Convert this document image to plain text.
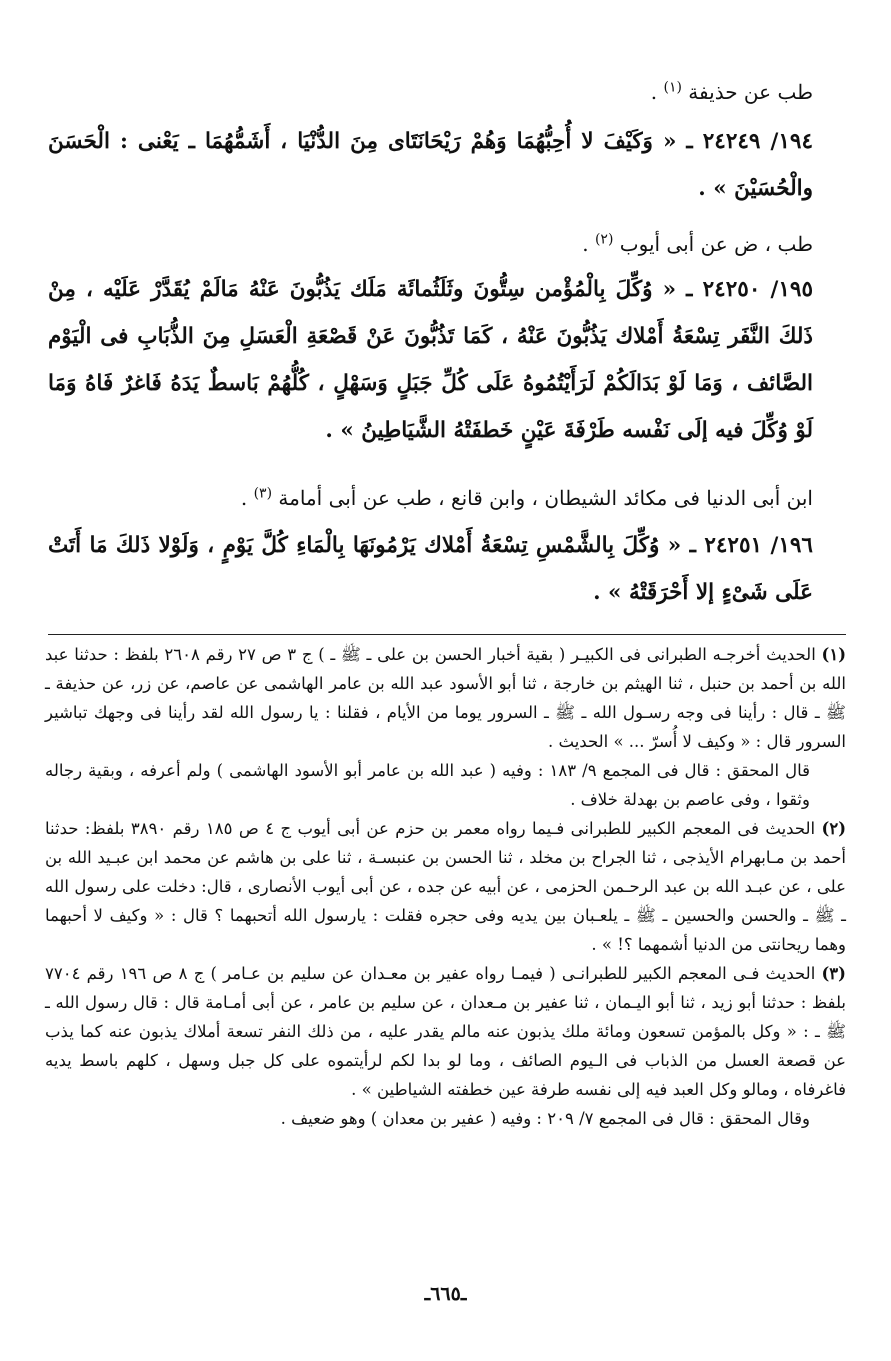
طب عن حذيفة $^{(١)}$ .

١٩٤/ ٢٤٢٤٩ ـ « وَكَيْفَ لا أُحِبُّهُمَا وَهُمْ رَيْحَانَتَاى مِنَ الدُّنْيَا ، أَشَمُّهُمَا ـ يَعْنى : الْحَسَنَ والْحُسَيْنَ » .

طب ، ض عن أبى أيوب $^{(٢)}$ .

١٩٥/ ٢٤٢٥٠ ـ « وُكِّلَ بِالْمُؤْمن سِتُّونَ وثَلَثُمائَة مَلَك يَذُبُّونَ عَنْهُ مَالَمْ يُقَدَّرْ عَلَيْه ، مِنْ ذَلكَ النَّفَر تِسْعَةُ أَمْلاك يَذُبُّونَ عَنْهُ ، كَمَا تَذُبُّونَ عَنْ قَصْعَةِ الْعَسَلِ مِنَ الذُّبَابِ فى الْيَوْم الصَّائف ، وَمَا لَوْ بَدَالَكُمْ لَرَأَيْتُمُوهُ عَلَى كُلِّ جَبَلٍ وَسَهْلٍ ، كُلُّهُمْ بَاسطٌ يَدَهُ فَاغرٌ فَاهُ وَمَا لَوْ وُكِّلَ فيه إلَى نَفْسه طَرْفَةَ عَيْنٍ خَطفَتْهُ الشَّيَاطِينُ » .

ابن أبى الدنيا فى مكائد الشيطان ، وابن قانع ، طب عن أبى أمامة $^{(٣)}$ .

١٩٦/ ٢٤٢٥١ ـ « وُكِّلَ بِالشَّمْسِ تِسْعَةُ أَمْلاك يَرْمُونَهَا بِالْمَاءِ كُلَّ يَوْمٍ ، وَلَوْلا ذَلكَ مَا أَتَتْ عَلَى شَىْءٍ إلا أَحْرَقَتْهُ » .

(١) الحديث أخرجـه الطبرانى فى الكبيـر ( بقية أخبار الحسن بن على ـ ﷺ ـ ) ج ٣ ص ٢٧ رقم ٢٦٠٨ بلفظ : حدثنا عبد الله بن أحمد بن حنبل ، ثنا الهيثم بن خارجة ، ثنا أبو الأسود عبد الله بن عامر الهاشمى عن عاصم، عن زر، عن حذيفة ـ ﷺ ـ قال : رأينا فى وجه رسـول الله ـ ﷺ ـ السرور يوما من الأيام ، فقلنا : يا رسول الله لقد رأينا فى وجهك تباشير السرور قال : « وكيف لا أُسرّ ... » الحديث .

قال المحقق : قال فى المجمع ٩/ ١٨٣ : وفيه ( عبد الله بن عامر أبو الأسود الهاشمى ) ولم أعرفه ، وبقية رجاله وثقوا ، وفى عاصم بن بهدلة خلاف .

(٢) الحديث فى المعجم الكبير للطبرانى فـيما رواه معمر بن حزم عن أبى أيوب ج ٤ ص ١٨٥ رقم ٣٨٩٠ بلفظ: حدثنا أحمد بن مـابهرام الأيذجى ، ثنا الجراح بن مخلد ، ثنا الحسن بن عنبسـة ، ثنا على بن هاشم عن محمد ابن عبـيد الله بن على ، عن عبـد الله بن عبد الرحـمن الحزمى ، عن أبيه عن جده ، عن أبى أيوب الأنصارى ، قال: دخلت على رسول الله ـ ﷺ ـ والحسن والحسين ـ ﷺ ـ يلعـبان بين يديه وفى حجره فقلت : يارسول الله أتحبهما ؟ قال : « وكيف لا أحبهما وهما ريحانتى من الدنيا أشمهما ؟! » .

(٣) الحديث فـى المعجم الكبير للطبرانـى ( فيمـا رواه عفير بن معـدان عن سليم بن عـامر ) ج ٨ ص ١٩٦ رقم ٧٧٠٤ بلفظ : حدثنا أبو زيد ، ثنا أبو اليـمان ، ثنا عفير بن مـعدان ، عن سليم بن عامر ، عن أبى أمـامة قال : قال رسول الله ـ ﷺ ـ : « وكل بالمؤمن تسعون ومائة ملك يذبون عنه مالم يقدر عليه ، من ذلك النفر تسعة أملاك يذبون عنه كما يذب عن قصعة العسل من الذباب فى الـيوم الصائف ، وما لو بدا لكم لرأيتموه على كل جبل وسهل ، كلهم باسط يديه فاغرفاه ، ومالو وكل العبد فيه إلى نفسه طرفة عين خطفته الشياطين » .

وقال المحقق : قال فى المجمع ٧/ ٢٠٩ : وفيه ( عفير بن معدان ) وهو ضعيف .

ـ٦٦٥ـ
